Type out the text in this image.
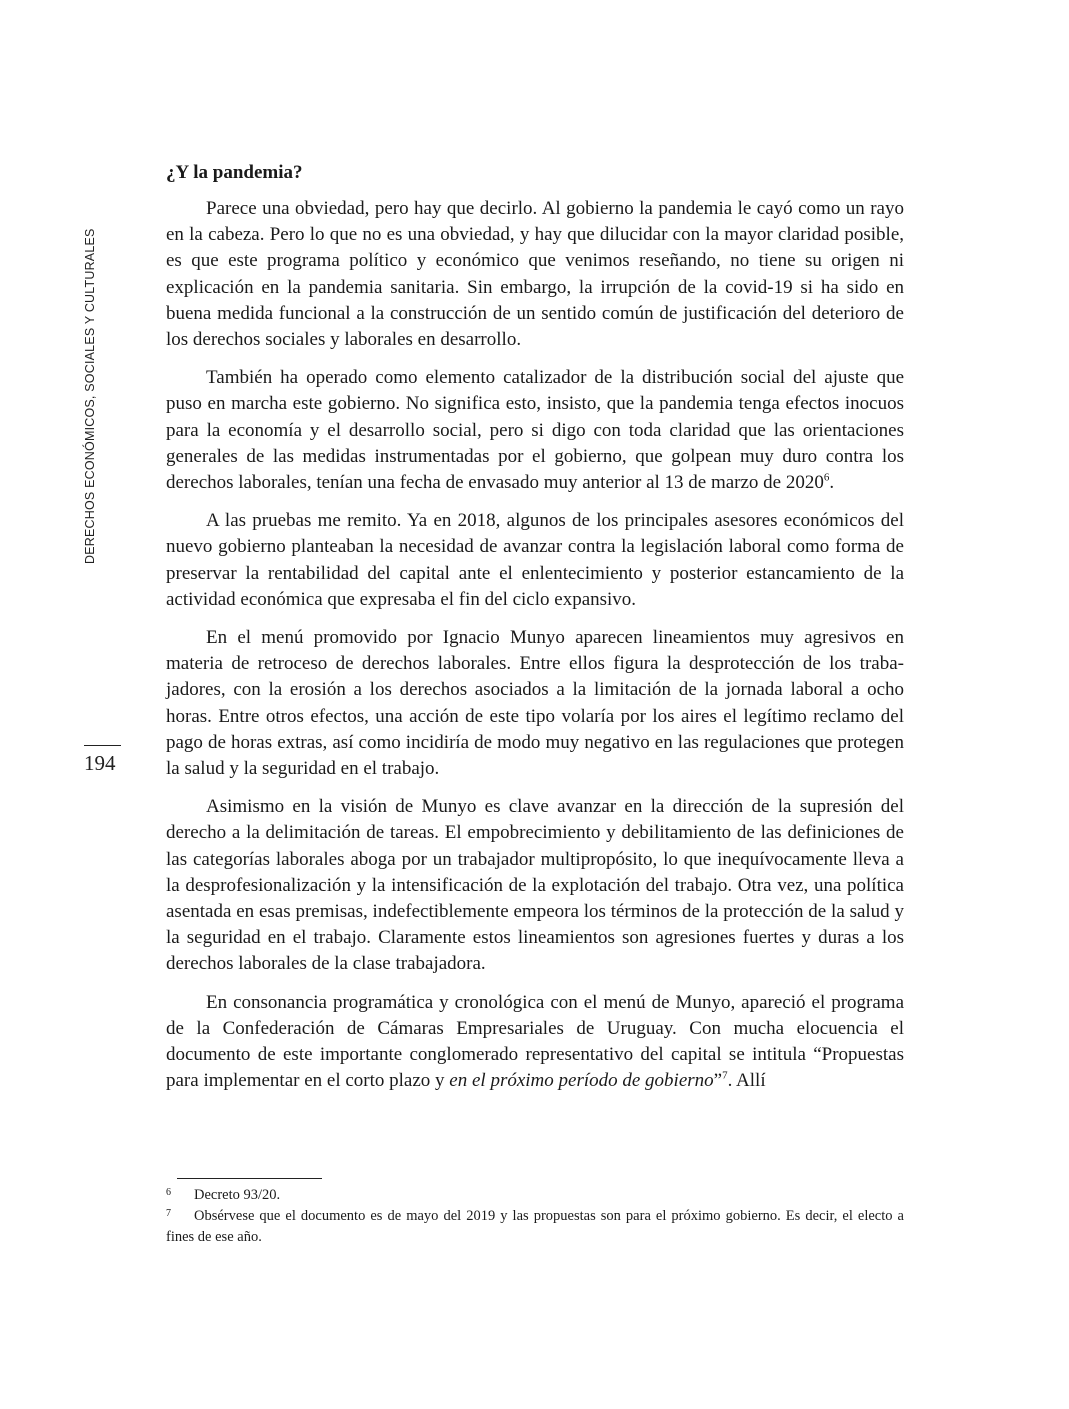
DERECHOS ECONÓMICOS, SOCIALES Y CULTURALES
194
¿Y la pandemia?

Parece una obviedad, pero hay que decirlo. Al gobierno la pandemia le cayó como un rayo en la cabeza. Pero lo que no es una obviedad, y hay que dilucidar con la mayor claridad posible, es que este programa político y económico que venimos reseñando, no tiene su origen ni explicación en la pandemia sanitaria. Sin embargo, la irrupción de la covid-19 si ha sido en buena medida funcional a la construcción de un sentido común de justificación del deterioro de los derechos sociales y laborales en desarrollo.

También ha operado como elemento catalizador de la distribución social del ajuste que puso en marcha este gobierno. No significa esto, insisto, que la pandemia tenga efectos inocuos para la economía y el desarrollo social, pero si digo con toda claridad que las orientaciones generales de las medidas instrumentadas por el gobierno, que golpean muy duro contra los derechos laborales, tenían una fecha de envasado muy anterior al 13 de marzo de 2020$^6$.

A las pruebas me remito. Ya en 2018, algunos de los principales asesores económicos del nuevo gobierno planteaban la necesidad de avanzar contra la legislación laboral como forma de preservar la rentabilidad del capital ante el enlentecimiento y posterior estancamiento de la actividad económica que expresaba el fin del ciclo expansivo.

En el menú promovido por Ignacio Munyo aparecen lineamientos muy agresivos en materia de retroceso de derechos laborales. Entre ellos figura la desprotección de los trabajadores, con la erosión a los derechos asociados a la limitación de la jornada laboral a ocho horas. Entre otros efectos, una acción de este tipo volaría por los aires el legítimo reclamo del pago de horas extras, así como incidiría de modo muy negativo en las regulaciones que protegen la salud y la seguridad en el trabajo.

Asimismo en la visión de Munyo es clave avanzar en la dirección de la supresión del derecho a la delimitación de tareas. El empobrecimiento y debilitamiento de las definiciones de las categorías laborales aboga por un trabajador multipropósito, lo que inequívocamente lleva a la desprofesionalización y la intensificación de la explotación del trabajo. Otra vez, una política asentada en esas premisas, indefectiblemente empeora los términos de la protección de la salud y la seguridad en el trabajo. Claramente estos lineamientos son agresiones fuertes y duras a los derechos laborales de la clase trabajadora.

En consonancia programática y cronológica con el menú de Munyo, apareció el programa de la Confederación de Cámaras Empresariales de Uruguay. Con mucha elocuencia el documento de este importante conglomerado representativo del capital se intitula “Propuestas para implementar en el corto plazo y en el próximo período de gobierno”$^7$. Allí

6 Decreto 93/20.

7 Obsérvese que el documento es de mayo del 2019 y las propuestas son para el próximo gobierno. Es decir, el electo a fines de ese año.
